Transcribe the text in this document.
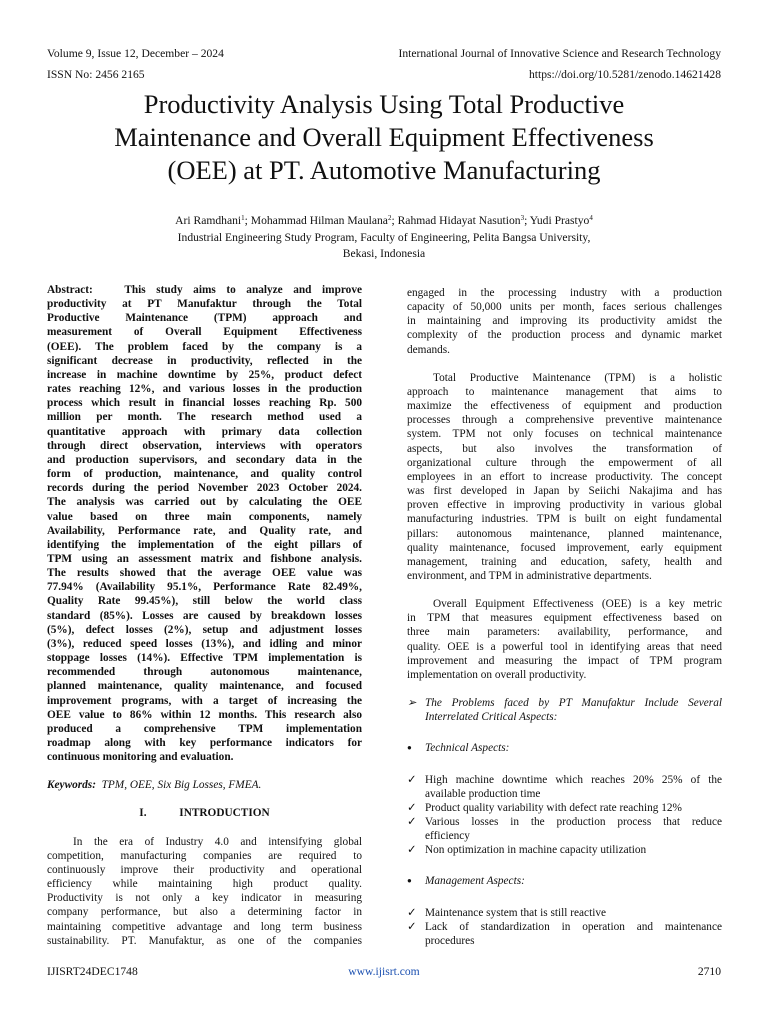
Volume 9, Issue 12, December – 2024
ISSN No: 2456 2165
International Journal of Innovative Science and Research Technology
https://doi.org/10.5281/zenodo.14621428
Productivity Analysis Using Total Productive
Maintenance and Overall Equipment Effectiveness
(OEE) at PT. Automotive Manufacturing
Ari Ramdhani$^1$; Mohammad Hilman Maulana$^2$; Rahmad Hidayat Nasution$^3$; Yudi Prastyo$^4$
Industrial Engineering Study Program, Faculty of Engineering, Pelita Bangsa University,
Bekasi, Indonesia
Abstract:	This study aims to analyze and improve
productivity at PT Manufaktur through the Total
Productive Maintenance (TPM) approach and
measurement of Overall Equipment Effectiveness
(OEE). The problem faced by the company is a
significant decrease in productivity, reflected in the
increase in machine downtime by 25%, product defect
rates reaching 12%, and various losses in the production
process which result in financial losses reaching Rp. 500
million per month. The research method used a
quantitative approach with primary data collection
through direct observation, interviews with operators
and production supervisors, and secondary data in the
form of production, maintenance, and quality control
records during the period November 2023 October 2024.
The analysis was carried out by calculating the OEE
value based on three main components, namely
Availability, Performance rate, and Quality rate, and
identifying the implementation of the eight pillars of
TPM using an assessment matrix and fishbone analysis.
The results showed that the average OEE value was
77.94% (Availability 95.1%, Performance Rate 82.49%,
Quality Rate 99.45%), still below the world class
standard (85%). Losses are caused by breakdown losses
(5%), defect losses (2%), setup and adjustment losses
(3%), reduced speed losses (13%), and idling and minor
stoppage losses (14%). Effective TPM implementation is
recommended through autonomous maintenance,
planned maintenance, quality maintenance, and focused
improvement programs, with a target of increasing the
OEE value to 86% within 12 months. This research also
produced a comprehensive TPM implementation
roadmap along with key performance indicators for
continuous monitoring and evaluation.
Keywords: TPM, OEE, Six Big Losses, FMEA.
I.	INTRODUCTION
In the era of Industry 4.0 and intensifying global
competition, manufacturing companies are required to
continuously improve their productivity and operational
efficiency while maintaining high product quality.
Productivity is not only a key indicator in measuring
company performance, but also a determining factor in
maintaining competitive advantage and long term business
sustainability. PT. Manufaktur, as one of the companies
engaged in the processing industry with a production
capacity of 50,000 units per month, faces serious challenges
in maintaining and improving its productivity amidst the
complexity of the production process and dynamic market
demands.
Total Productive Maintenance (TPM) is a holistic
approach to maintenance management that aims to
maximize the effectiveness of equipment and production
processes through a comprehensive preventive maintenance
system. TPM not only focuses on technical maintenance
aspects, but also involves the transformation of
organizational culture through the empowerment of all
employees in an effort to increase productivity. The concept
was first developed in Japan by Seiichi Nakajima and has
proven effective in improving productivity in various global
manufacturing industries. TPM is built on eight fundamental
pillars: autonomous maintenance, planned maintenance,
quality maintenance, focused improvement, early equipment
management, training and education, safety, health and
environment, and TPM in administrative departments.
Overall Equipment Effectiveness (OEE) is a key metric
in TPM that measures equipment effectiveness based on
three main parameters: availability, performance, and
quality. OEE is a powerful tool in identifying areas that need
improvement and measuring the impact of TPM program
implementation on overall productivity.
➢ The Problems faced by PT Manufaktur Include Several
Interrelated Critical Aspects:
●	Technical Aspects:
✓ High machine downtime which reaches 20% 25% of the
available production time
✓ Product quality variability with defect rate reaching 12%
✓ Various losses in the production process that reduce
efficiency
✓ Non optimization in machine capacity utilization
●	Management Aspects:
✓ Maintenance system that is still reactive
✓ Lack of standardization in operation and maintenance
procedures
IJISRT24DEC1748	www.ijisrt.com	2710
